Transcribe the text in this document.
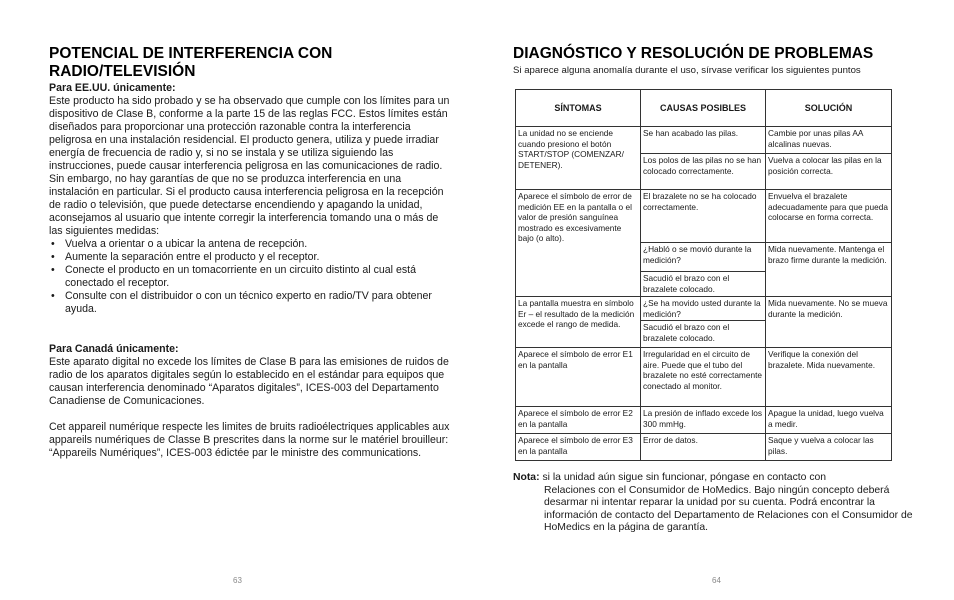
POTENCIAL DE INTERFERENCIA CON
RADIO/TELEVISIÓN

Para EE.UU. únicamente:

Este producto ha sido probado y se ha observado que cumple con los límites para un dispositivo de Clase B, conforme a la parte 15 de las reglas FCC. Estos límites están diseñados para proporcionar una protección razonable contra la interferencia peligrosa en una instalación residencial. El producto genera, utiliza y puede irradiar energía de frecuencia de radio y, si no se instala y se utiliza siguiendo las instrucciones, puede causar interferencia peligrosa en las comunicaciones de radio. Sin embargo, no hay garantías de que no se produzca interferencia en una instalación en particular. Si el producto causa interferencia peligrosa en la recepción de radio o televisión, que puede detectarse encendiendo y apagando la unidad, aconsejamos al usuario que intente corregir la interferencia tomando una o más de las siguientes medidas:

• Vuelva a orientar o a ubicar la antena de recepción.
• Aumente la separación entre el producto y el receptor.
• Conecte el producto en un tomacorriente en un circuito distinto al cual está conectado el receptor.
• Consulte con el distribuidor o con un técnico experto en radio/TV para obtener ayuda.

Para Canadá únicamente:

Este aparato digital no excede los límites de Clase B para las emisiones de ruidos de radio de los aparatos digitales según lo establecido en el estándar para equipos que causan interferencia denominado “Aparatos digitales”, ICES-003 del Departamento Canadiense de Comunicaciones.

Cet appareil numérique respecte les limites de bruits radioélectriques applicables aux appareils numériques de Classe B prescrites dans la norme sur le matériel brouilleur: “Appareils Numériques”, ICES-003 édictée par le ministre des communications.

63
DIAGNÓSTICO Y RESOLUCIÓN DE PROBLEMAS
Si aparece alguna anomalía durante el uso, sírvase verificar los siguientes puntos
SÍNTOMAS	CAUSAS POSIBLES	SOLUCIÓN
La unidad no se enciende cuando presiono el botón START/STOP (COMENZAR/ DETENER).	Se han acabado las pilas.	Cambie por unas pilas AA alcalinas nuevas.
	Los polos de las pilas no se han colocado correctamente.	Vuelva a colocar las pilas en la posición correcta.
Aparece el símbolo de error de medición EE en la pantalla o el valor de presión sanguínea mostrado es excesivamente bajo (o alto).	El brazalete no se ha colocado correctamente.	Envuelva el brazalete adecuadamente para que pueda colocarse en forma correcta.
	¿Habló o se movió durante la medición?	Mida nuevamente. Mantenga el brazo firme durante la medición.
	Sacudió el brazo con el brazalete colocado.	
La pantalla muestra en símbolo Er – el resultado de la medición excede el rango de medida.	¿Se ha movido usted durante la medición?	Mida nuevamente. No se mueva durante la medición.
	Sacudió el brazo con el brazalete colocado.	
Aparece el símbolo de error E1 en la pantalla	Irregularidad en el circuito de aire. Puede que el tubo del brazalete no esté correctamente conectado al monitor.	Verifique la conexión del brazalete. Mida nuevamente.
Aparece el símbolo de error E2 en la pantalla	La presión de inflado excede los 300 mmHg.	Apague la unidad, luego vuelva a medir.
Aparece el símbolo de error E3 en la pantalla	Error de datos.	Saque y vuelva a colocar las pilas.
Nota: si la unidad aún sigue sin funcionar, póngase en contacto con
Relaciones con el Consumidor de HoMedics. Bajo ningún concepto deberá desarmar ni intentar reparar la unidad por su cuenta. Podrá encontrar la información de contacto del Departamento de Relaciones con el Consumidor de HoMedics en la página de garantía.
64
